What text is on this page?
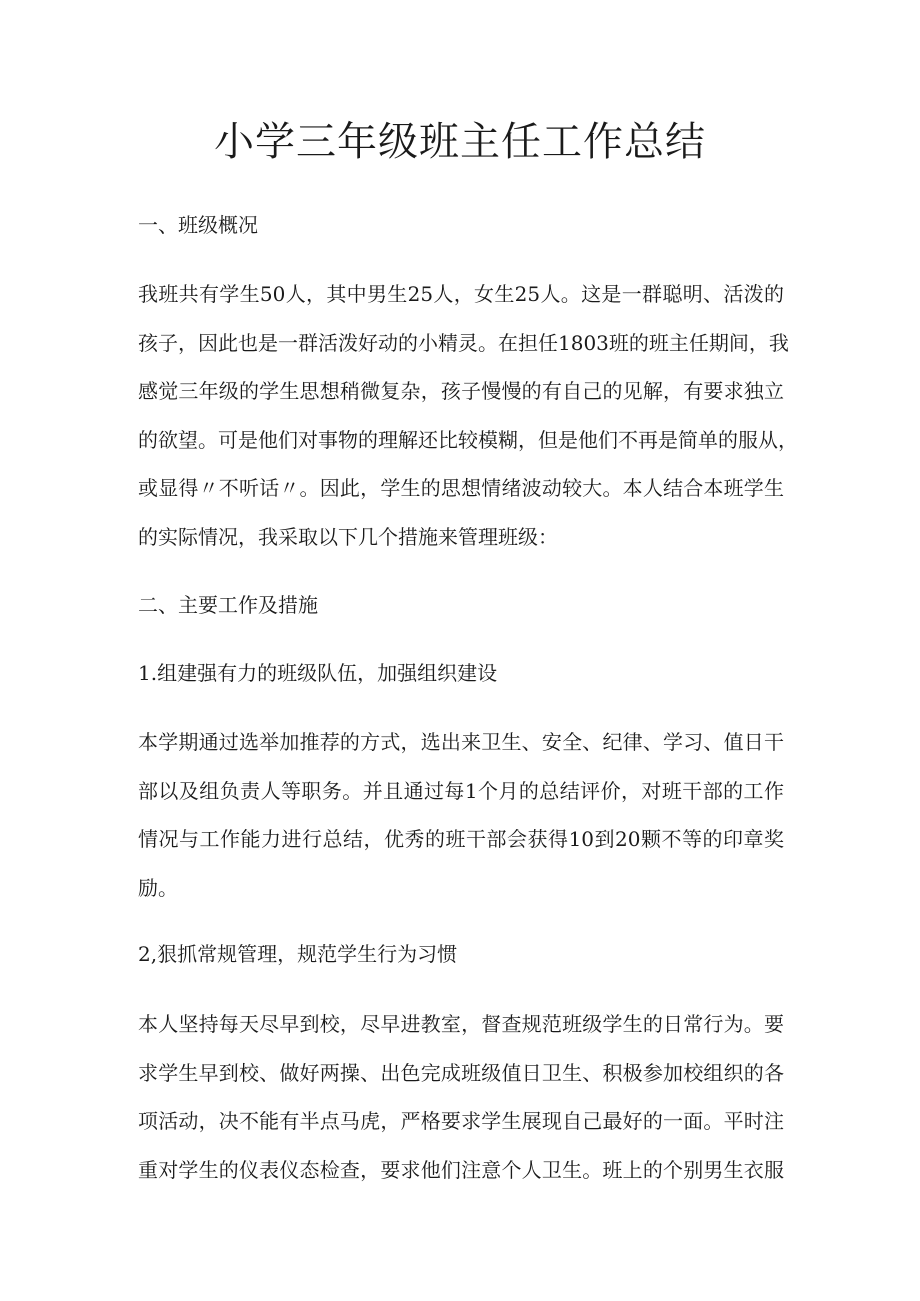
小学三年级班主任工作总结

一、班级概况

我班共有学生50人，其中男生25人，女生25人。这是一群聪明、活泼的
孩子，因此也是一群活泼好动的小精灵。在担任1803班的班主任期间，我
感觉三年级的学生思想稍微复杂，孩子慢慢的有自己的见解，有要求独立
的欲望。可是他们对事物的理解还比较模糊，但是他们不再是简单的服从，
或显得〃不听话〃。因此，学生的思想情绪波动较大。本人结合本班学生
的实际情况，我采取以下几个措施来管理班级：

二、主要工作及措施

1.组建强有力的班级队伍，加强组织建设

本学期通过选举加推荐的方式，选出来卫生、安全、纪律、学习、值日干
部以及组负责人等职务。并且通过每1个月的总结评价，对班干部的工作
情况与工作能力进行总结，优秀的班干部会获得10到20颗不等的印章奖
励。

2,狠抓常规管理，规范学生行为习惯

本人坚持每天尽早到校，尽早进教室，督查规范班级学生的日常行为。要
求学生早到校、做好两操、出色完成班级值日卫生、积极参加校组织的各
项活动，决不能有半点马虎，严格要求学生展现自己最好的一面。平时注
重对学生的仪表仪态检查，要求他们注意个人卫生。班上的个别男生衣服
